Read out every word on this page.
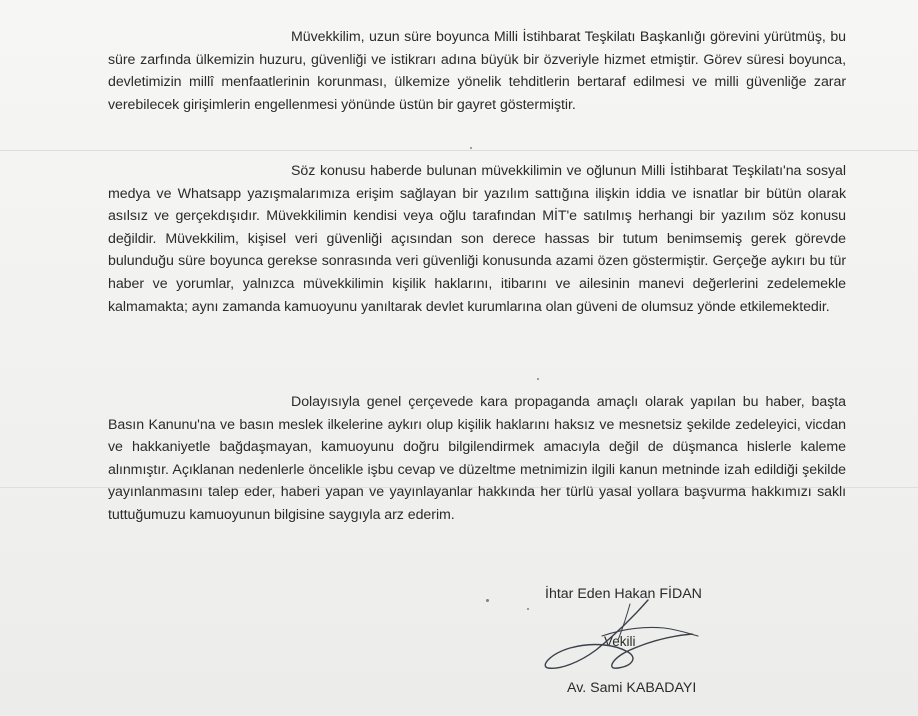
Müvekkilim, uzun süre boyunca Milli İstihbarat Teşkilatı Başkanlığı görevini yürütmüş, bu süre zarfında ülkemizin huzuru, güvenliği ve istikrarı adına büyük bir özveriyle hizmet etmiştir. Görev süresi boyunca, devletimizin millî menfaatlerinin korunması, ülkemize yönelik tehditlerin bertaraf edilmesi ve milli güvenliğe zarar verebilecek girişimlerin engellenmesi yönünde üstün bir gayret göstermiştir.

Söz konusu haberde bulunan müvekkilimin ve oğlunun Milli İstihbarat Teşkilatı'na sosyal medya ve Whatsapp yazışmalarımıza erişim sağlayan bir yazılım sattığına ilişkin iddia ve isnatlar bir bütün olarak asılsız ve gerçekdışıdır. Müvekkilimin kendisi veya oğlu tarafından MİT'e satılmış herhangi bir yazılım söz konusu değildir. Müvekkilim, kişisel veri güvenliği açısından son derece hassas bir tutum benimsemiş gerek görevde bulunduğu süre boyunca gerekse sonrasında veri güvenliği konusunda azami özen göstermiştir. Gerçeğe aykırı bu tür haber ve yorumlar, yalnızca müvekkilimin kişilik haklarını, itibarını ve ailesinin manevi değerlerini zedelemekle kalmamakta; aynı zamanda kamuoyunu yanıltarak devlet kurumlarına olan güveni de olumsuz yönde etkilemektedir.

Dolayısıyla genel çerçevede kara propaganda amaçlı olarak yapılan bu haber, başta Basın Kanunu'na ve basın meslek ilkelerine aykırı olup kişilik haklarını haksız ve mesnetsiz şekilde zedeleyici, vicdan ve hakkaniyetle bağdaşmayan, kamuoyunu doğru bilgilendirmek amacıyla değil de düşmanca hislerle kaleme alınmıştır. Açıklanan nedenlerle öncelikle işbu cevap ve düzeltme metnimizin ilgili kanun metninde izah edildiği şekilde yayınlanmasını talep eder, haberi yapan ve yayınlayanlar hakkında her türlü yasal yollara başvurma hakkımızı saklı tuttuğumuzu kamuoyunun bilgisine saygıyla arz ederim.

İhtar Eden Hakan FİDAN
Vekili
Av. Sami KABADAYI
